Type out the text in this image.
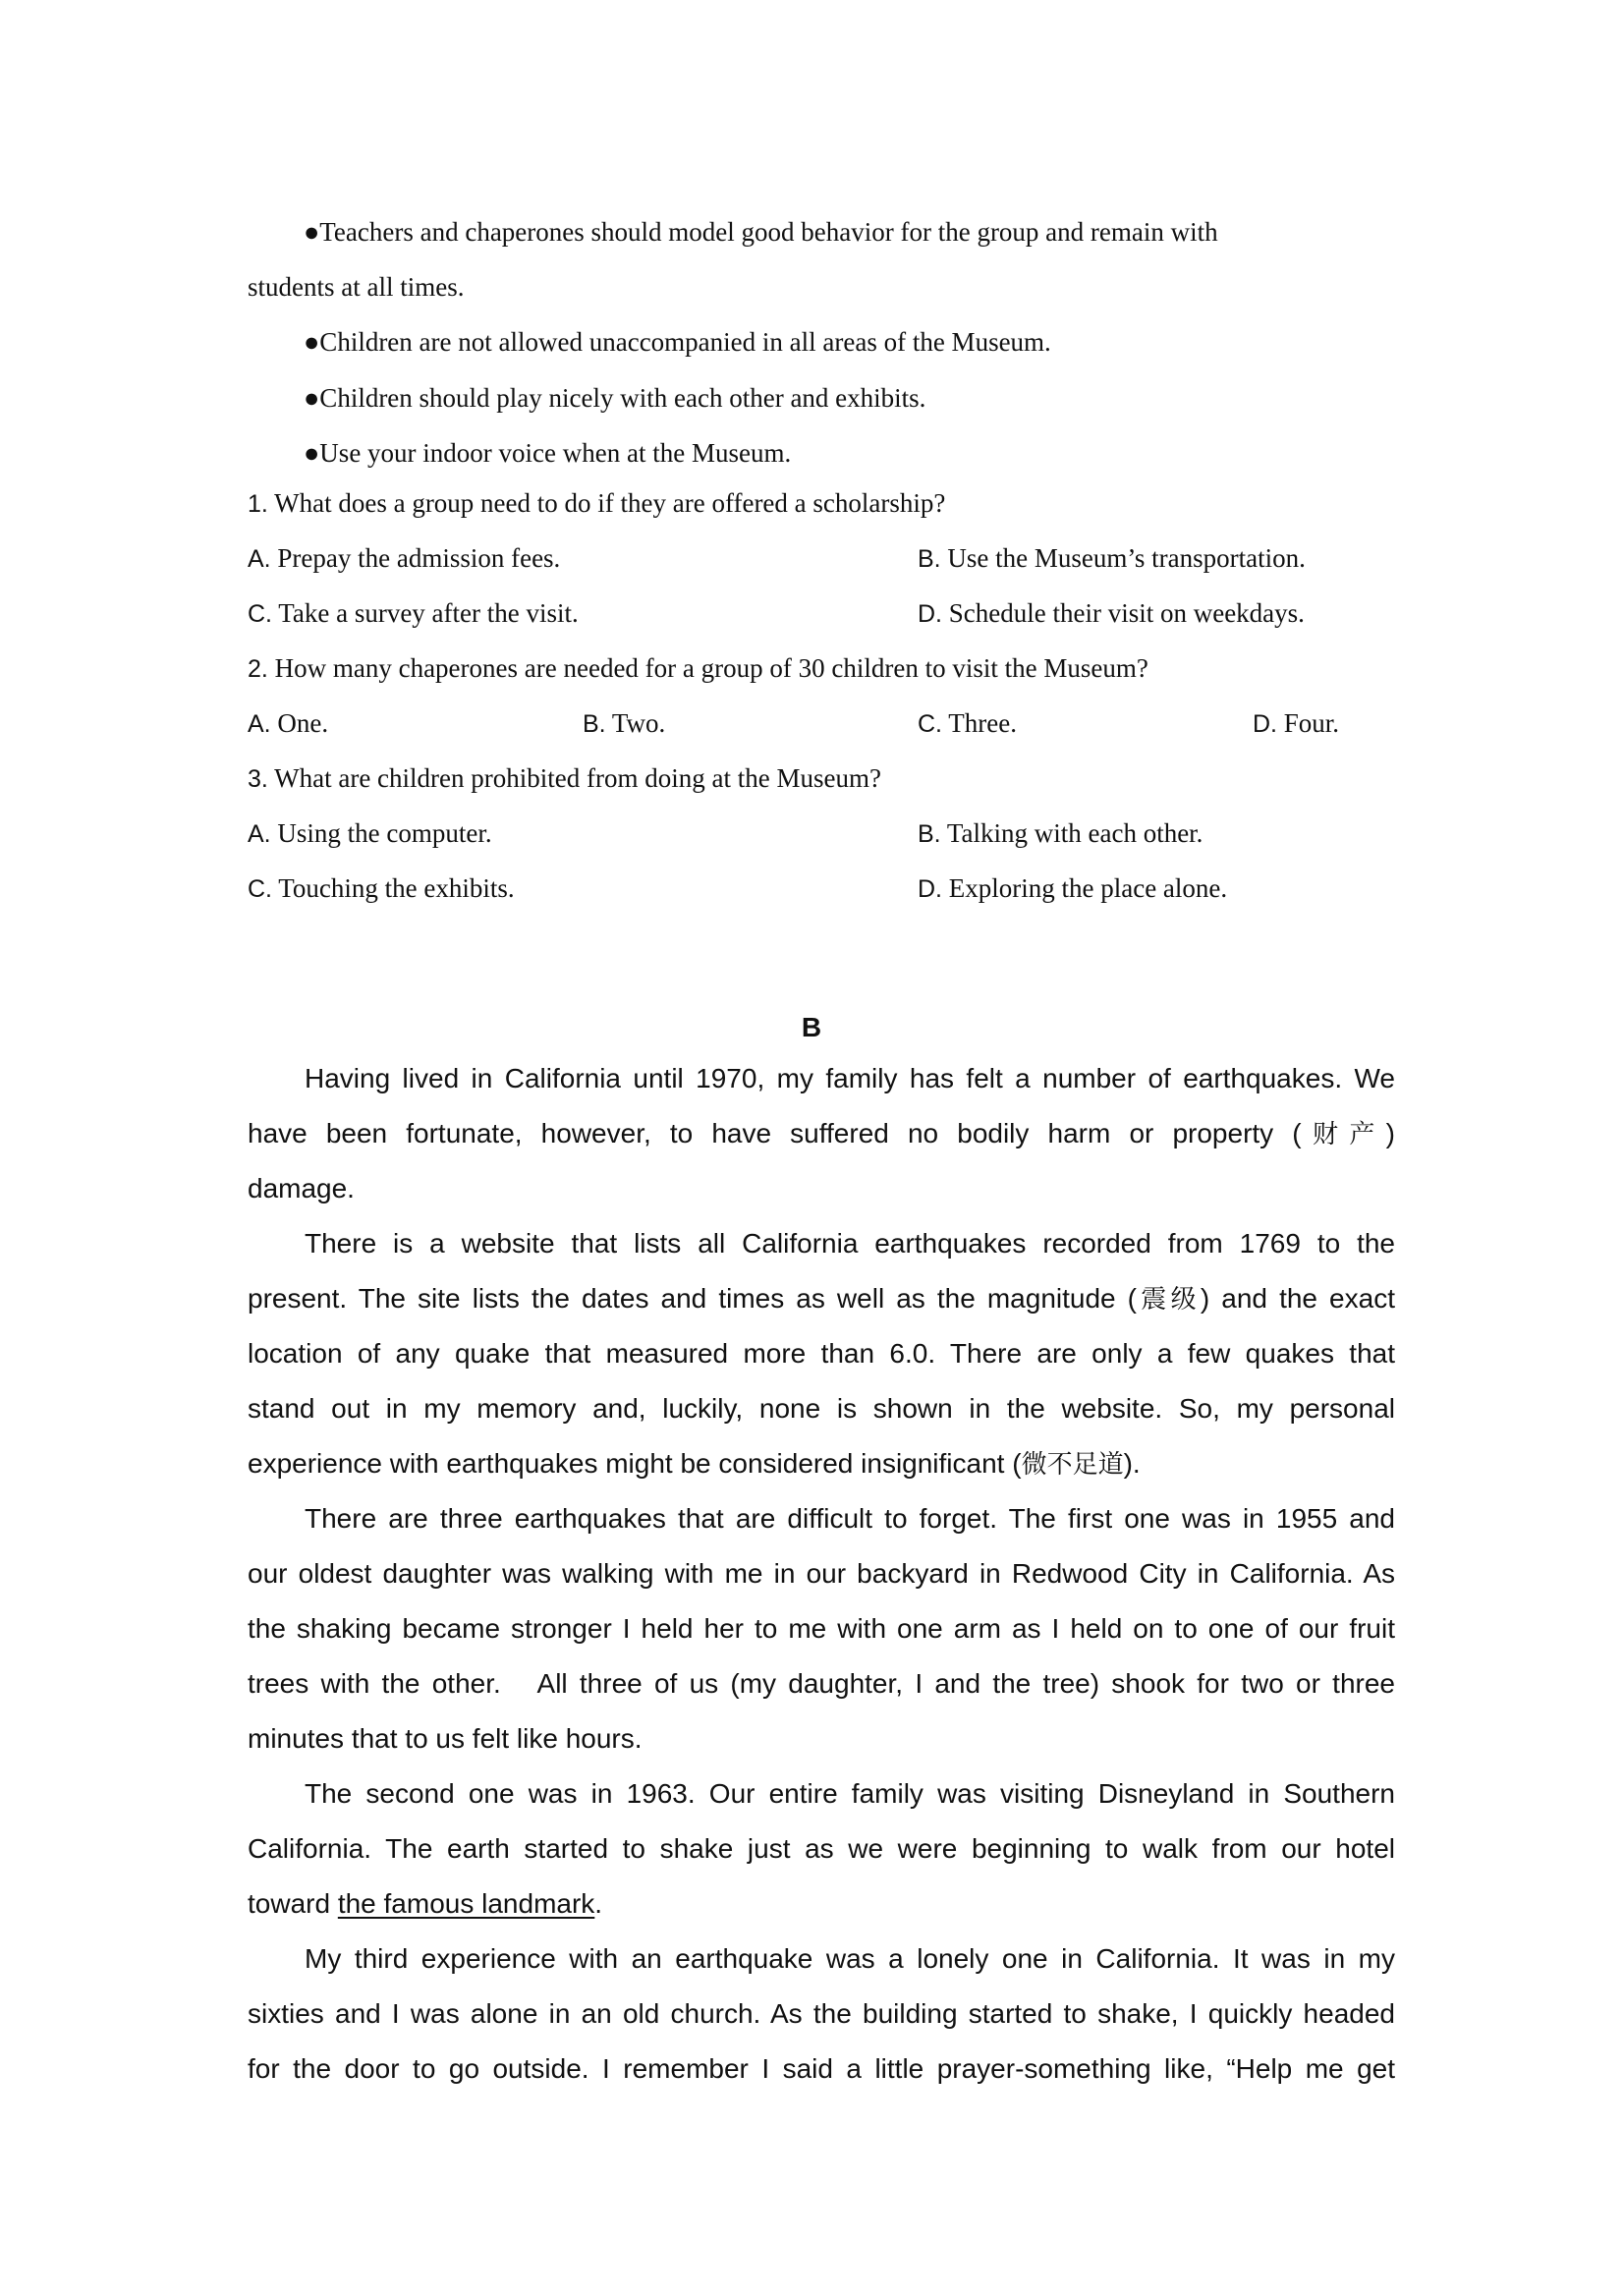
●Teachers and chaperones should model good behavior for the group and remain with
students at all times.
●Children are not allowed unaccompanied in all areas of the Museum.
●Children should play nicely with each other and exhibits.
●Use your indoor voice when at the Museum.
1. What does a group need to do if they are offered a scholarship?
A. Prepay the admission fees.	B. Use the Museum’s transportation.
C. Take a survey after the visit.	D. Schedule their visit on weekdays.
2. How many chaperones are needed for a group of 30 children to visit the Museum?
A. One.	B. Two.	C. Three.	D. Four.
3. What are children prohibited from doing at the Museum?
A. Using the computer.	B. Talking with each other.
C. Touching the exhibits.	D. Exploring the place alone.
B
Having lived in California until 1970, my family has felt a number of earthquakes. We
have been fortunate, however, to have suffered no bodily harm or property (财产)
damage.
There is a website that lists all California earthquakes recorded from 1769 to the
present. The site lists the dates and times as well as the magnitude (震级) and the exact
location of any quake that measured more than 6.0. There are only a few quakes that
stand out in my memory and, luckily, none is shown in the website. So, my personal
experience with earthquakes might be considered insignificant (微不足道).
There are three earthquakes that are difficult to forget. The first one was in 1955 and
our oldest daughter was walking with me in our backyard in Redwood City in California. As
the shaking became stronger I held her to me with one arm as I held on to one of our fruit
trees with the other.   All three of us (my daughter, I and the tree) shook for two or three
minutes that to us felt like hours.
The second one was in 1963. Our entire family was visiting Disneyland in Southern
California. The earth started to shake just as we were beginning to walk from our hotel
toward the famous landmark.
My third experience with an earthquake was a lonely one in California. It was in my
sixties and I was alone in an old church. As the building started to shake, I quickly headed
for the door to go outside. I remember I said a little prayer-something like, “Help me get
